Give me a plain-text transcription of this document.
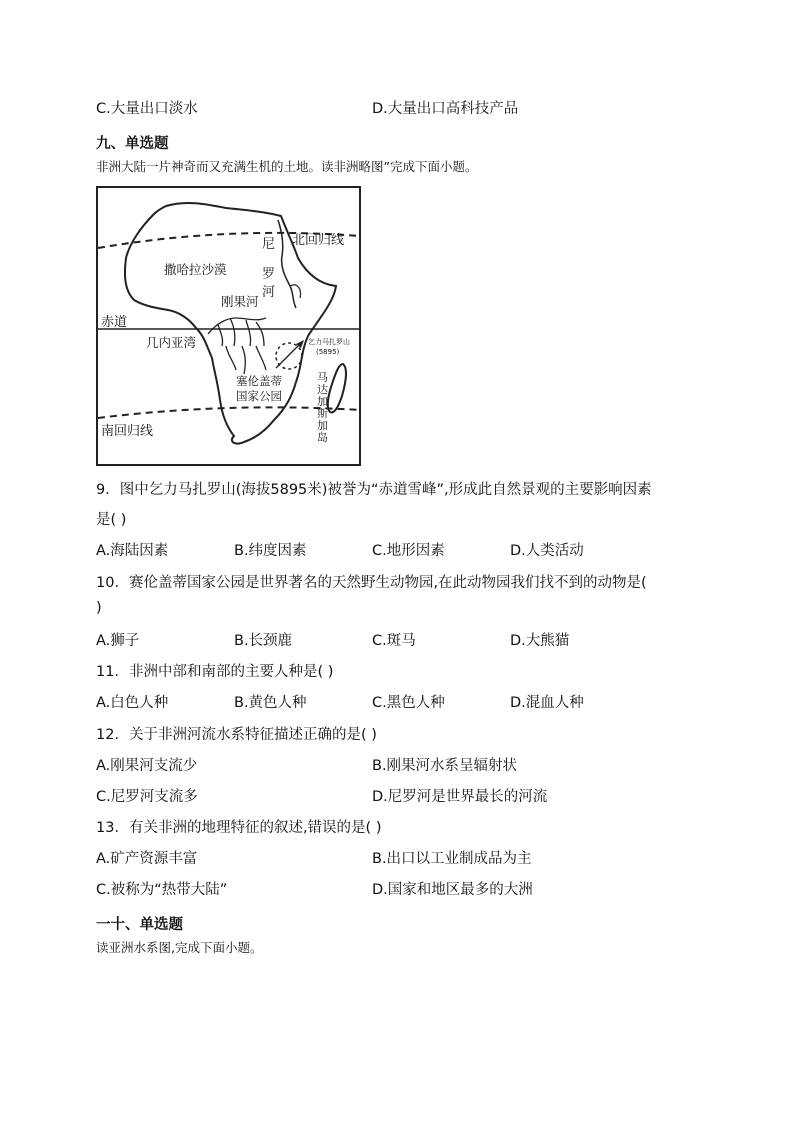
C.大量出口淡水	D.大量出口高科技产品
九、单选题
非洲大陆一片神奇而又充满生机的土地。读非洲略图”完成下面小题。
北回归线
尼
罗
河
撒哈拉沙漠
刚果河
赤道
几内亚湾	乞力马扎罗山
(5895)
塞伦盖蒂
国家公园
马
达
加
斯
加
岛
南回归线
9．图中乞力马扎罗山(海拔5895米)被誉为“赤道雪峰”,形成此自然景观的主要影响因素
是( )
A.海陆因素	B.纬度因素	C.地形因素	D.人类活动
10．赛伦盖蒂国家公园是世界著名的天然野生动物园,在此动物园我们找不到的动物是(
)
A.狮子	B.长颈鹿	C.斑马	D.大熊猫
11．非洲中部和南部的主要人种是( )
A.白色人种	B.黄色人种	C.黑色人种	D.混血人种
12．关于非洲河流水系特征描述正确的是( )
A.刚果河支流少	B.刚果河水系呈辐射状
C.尼罗河支流多	D.尼罗河是世界最长的河流
13．有关非洲的地理特征的叙述,错误的是( )
A.矿产资源丰富	B.出口以工业制成品为主
C.被称为“热带大陆”	D.国家和地区最多的大洲
一十、单选题
读亚洲水系图,完成下面小题。
